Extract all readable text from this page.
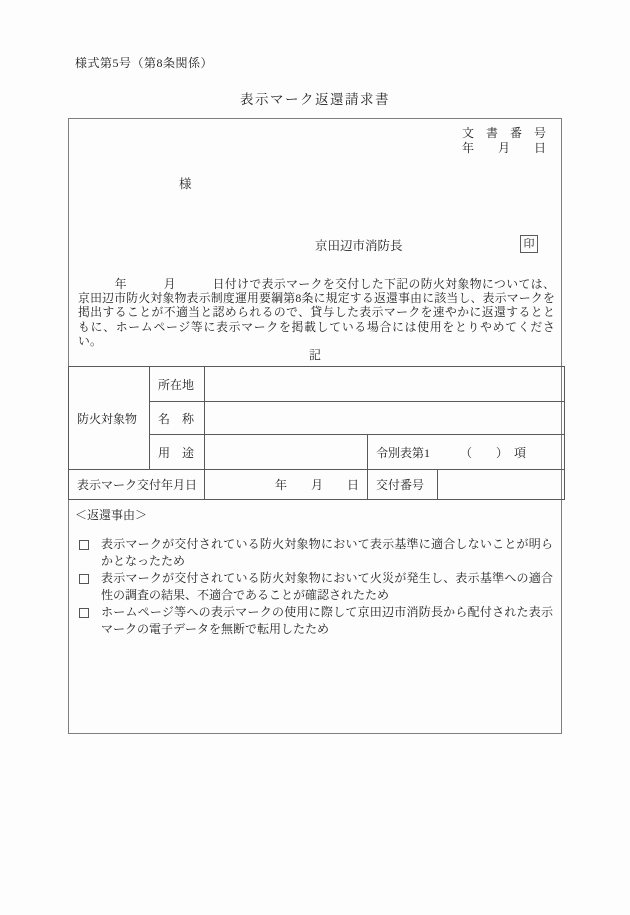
様式第5号（第8条関係）
表示マーク返還請求書
文　書　番　号
年　　月　　日
様
京田辺市消防長	印

　　　年　　　月　　　日付けで表示マークを交付した下記の防火対象物については、京田辺市防火対象物表示制度運用要綱第8条に規定する返還事由に該当し、表示マークを掲出することが不適当と認められるので、貸与した表示マークを速やかに返還するとともに、ホームページ等に表示マークを掲載している場合には使用をとりやめてください。

記
防火対象物	所在地			
	名　称			
	用　途		令別表第1　　　（　　）　項	
表示マーク交付年月日		年　　月　　日	交付番号	
＜返還事由＞

表示マークが交付されている防火対象物において表示基準に適合しないことが明らかとなったため

表示マークが交付されている防火対象物において火災が発生し、表示基準への適合性の調査の結果、不適合であることが確認されたため

ホームページ等への表示マークの使用に際して京田辺市消防長から配付された表示マークの電子データを無断で転用したため
